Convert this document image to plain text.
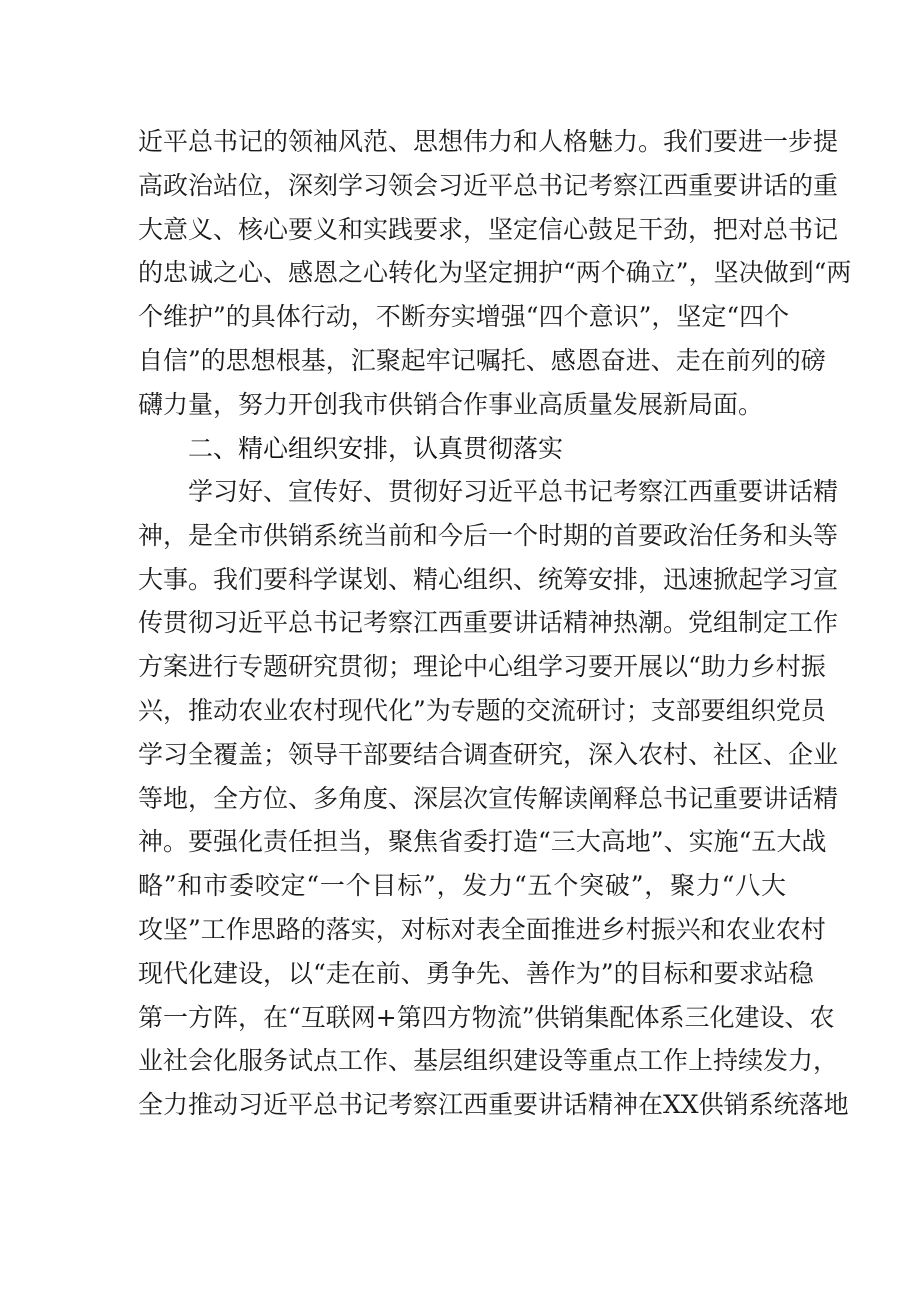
近平总书记的领袖风范、思想伟力和人格魅力。我们要进一步提
高政治站位，深刻学习领会习近平总书记考察江西重要讲话的重
大意义、核心要义和实践要求，坚定信心鼓足干劲，把对总书记
的忠诚之心、感恩之心转化为坚定拥护“两个确立”，坚决做到“两
个维护”的具体行动，不断夯实增强“四个意识”，坚定“四个
自信”的思想根基，汇聚起牢记嘱托、感恩奋进、走在前列的磅
礴力量，努力开创我市供销合作事业高质量发展新局面。
二、精心组织安排，认真贯彻落实
学习好、宣传好、贯彻好习近平总书记考察江西重要讲话精
神，是全市供销系统当前和今后一个时期的首要政治任务和头等
大事。我们要科学谋划、精心组织、统筹安排，迅速掀起学习宣
传贯彻习近平总书记考察江西重要讲话精神热潮。党组制定工作
方案进行专题研究贯彻；理论中心组学习要开展以“助力乡村振
兴，推动农业农村现代化”为专题的交流研讨；支部要组织党员
学习全覆盖；领导干部要结合调查研究，深入农村、社区、企业
等地，全方位、多角度、深层次宣传解读阐释总书记重要讲话精
神。要强化责任担当，聚焦省委打造“三大高地”、实施“五大战
略”和市委咬定“一个目标”，发力“五个突破”，聚力“八大
攻坚”工作思路的落实，对标对表全面推进乡村振兴和农业农村
现代化建设，以“走在前、勇争先、善作为”的目标和要求站稳
第一方阵，在“互联网+第四方物流”供销集配体系三化建设、农
业社会化服务试点工作、基层组织建设等重点工作上持续发力，
全力推动习近平总书记考察江西重要讲话精神在XX供销系统落地
